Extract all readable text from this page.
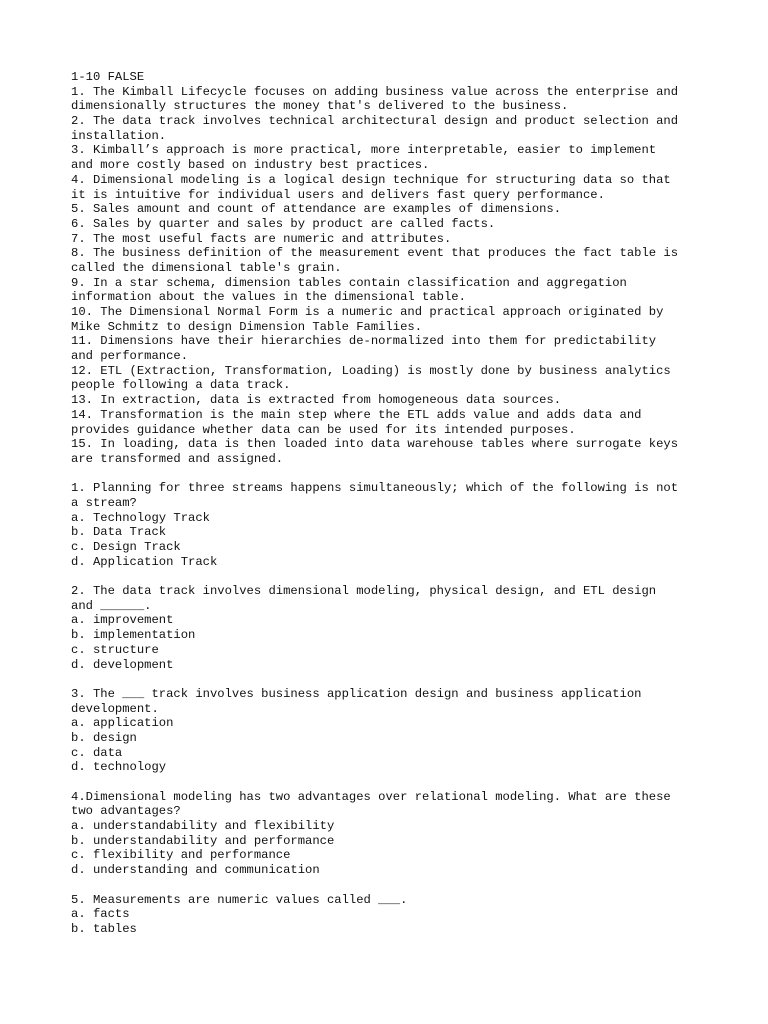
1-10 FALSE
1. The Kimball Lifecycle focuses on adding business value across the enterprise and
dimensionally structures the money that's delivered to the business.
2. The data track involves technical architectural design and product selection and
installation.
3. Kimball’s approach is more practical, more interpretable, easier to implement
and more costly based on industry best practices.
4. Dimensional modeling is a logical design technique for structuring data so that
it is intuitive for individual users and delivers fast query performance.
5. Sales amount and count of attendance are examples of dimensions.
6. Sales by quarter and sales by product are called facts.
7. The most useful facts are numeric and attributes.
8. The business definition of the measurement event that produces the fact table is
called the dimensional table's grain.
9. In a star schema, dimension tables contain classification and aggregation
information about the values in the dimensional table.
10. The Dimensional Normal Form is a numeric and practical approach originated by
Mike Schmitz to design Dimension Table Families.
11. Dimensions have their hierarchies de-normalized into them for predictability
and performance.
12. ETL (Extraction, Transformation, Loading) is mostly done by business analytics
people following a data track.
13. In extraction, data is extracted from homogeneous data sources.
14. Transformation is the main step where the ETL adds value and adds data and
provides guidance whether data can be used for its intended purposes.
15. In loading, data is then loaded into data warehouse tables where surrogate keys
are transformed and assigned.
1. Planning for three streams happens simultaneously; which of the following is not
a stream?
a. Technology Track
b. Data Track
c. Design Track
d. Application Track
2. The data track involves dimensional modeling, physical design, and ETL design
and ______.
a. improvement
b. implementation
c. structure
d. development
3. The ___ track involves business application design and business application
development.
a. application
b. design
c. data
d. technology
4.Dimensional modeling has two advantages over relational modeling. What are these
two advantages?
a. understandability and flexibility
b. understandability and performance
c. flexibility and performance
d. understanding and communication
5. Measurements are numeric values called ___.
a. facts
b. tables
